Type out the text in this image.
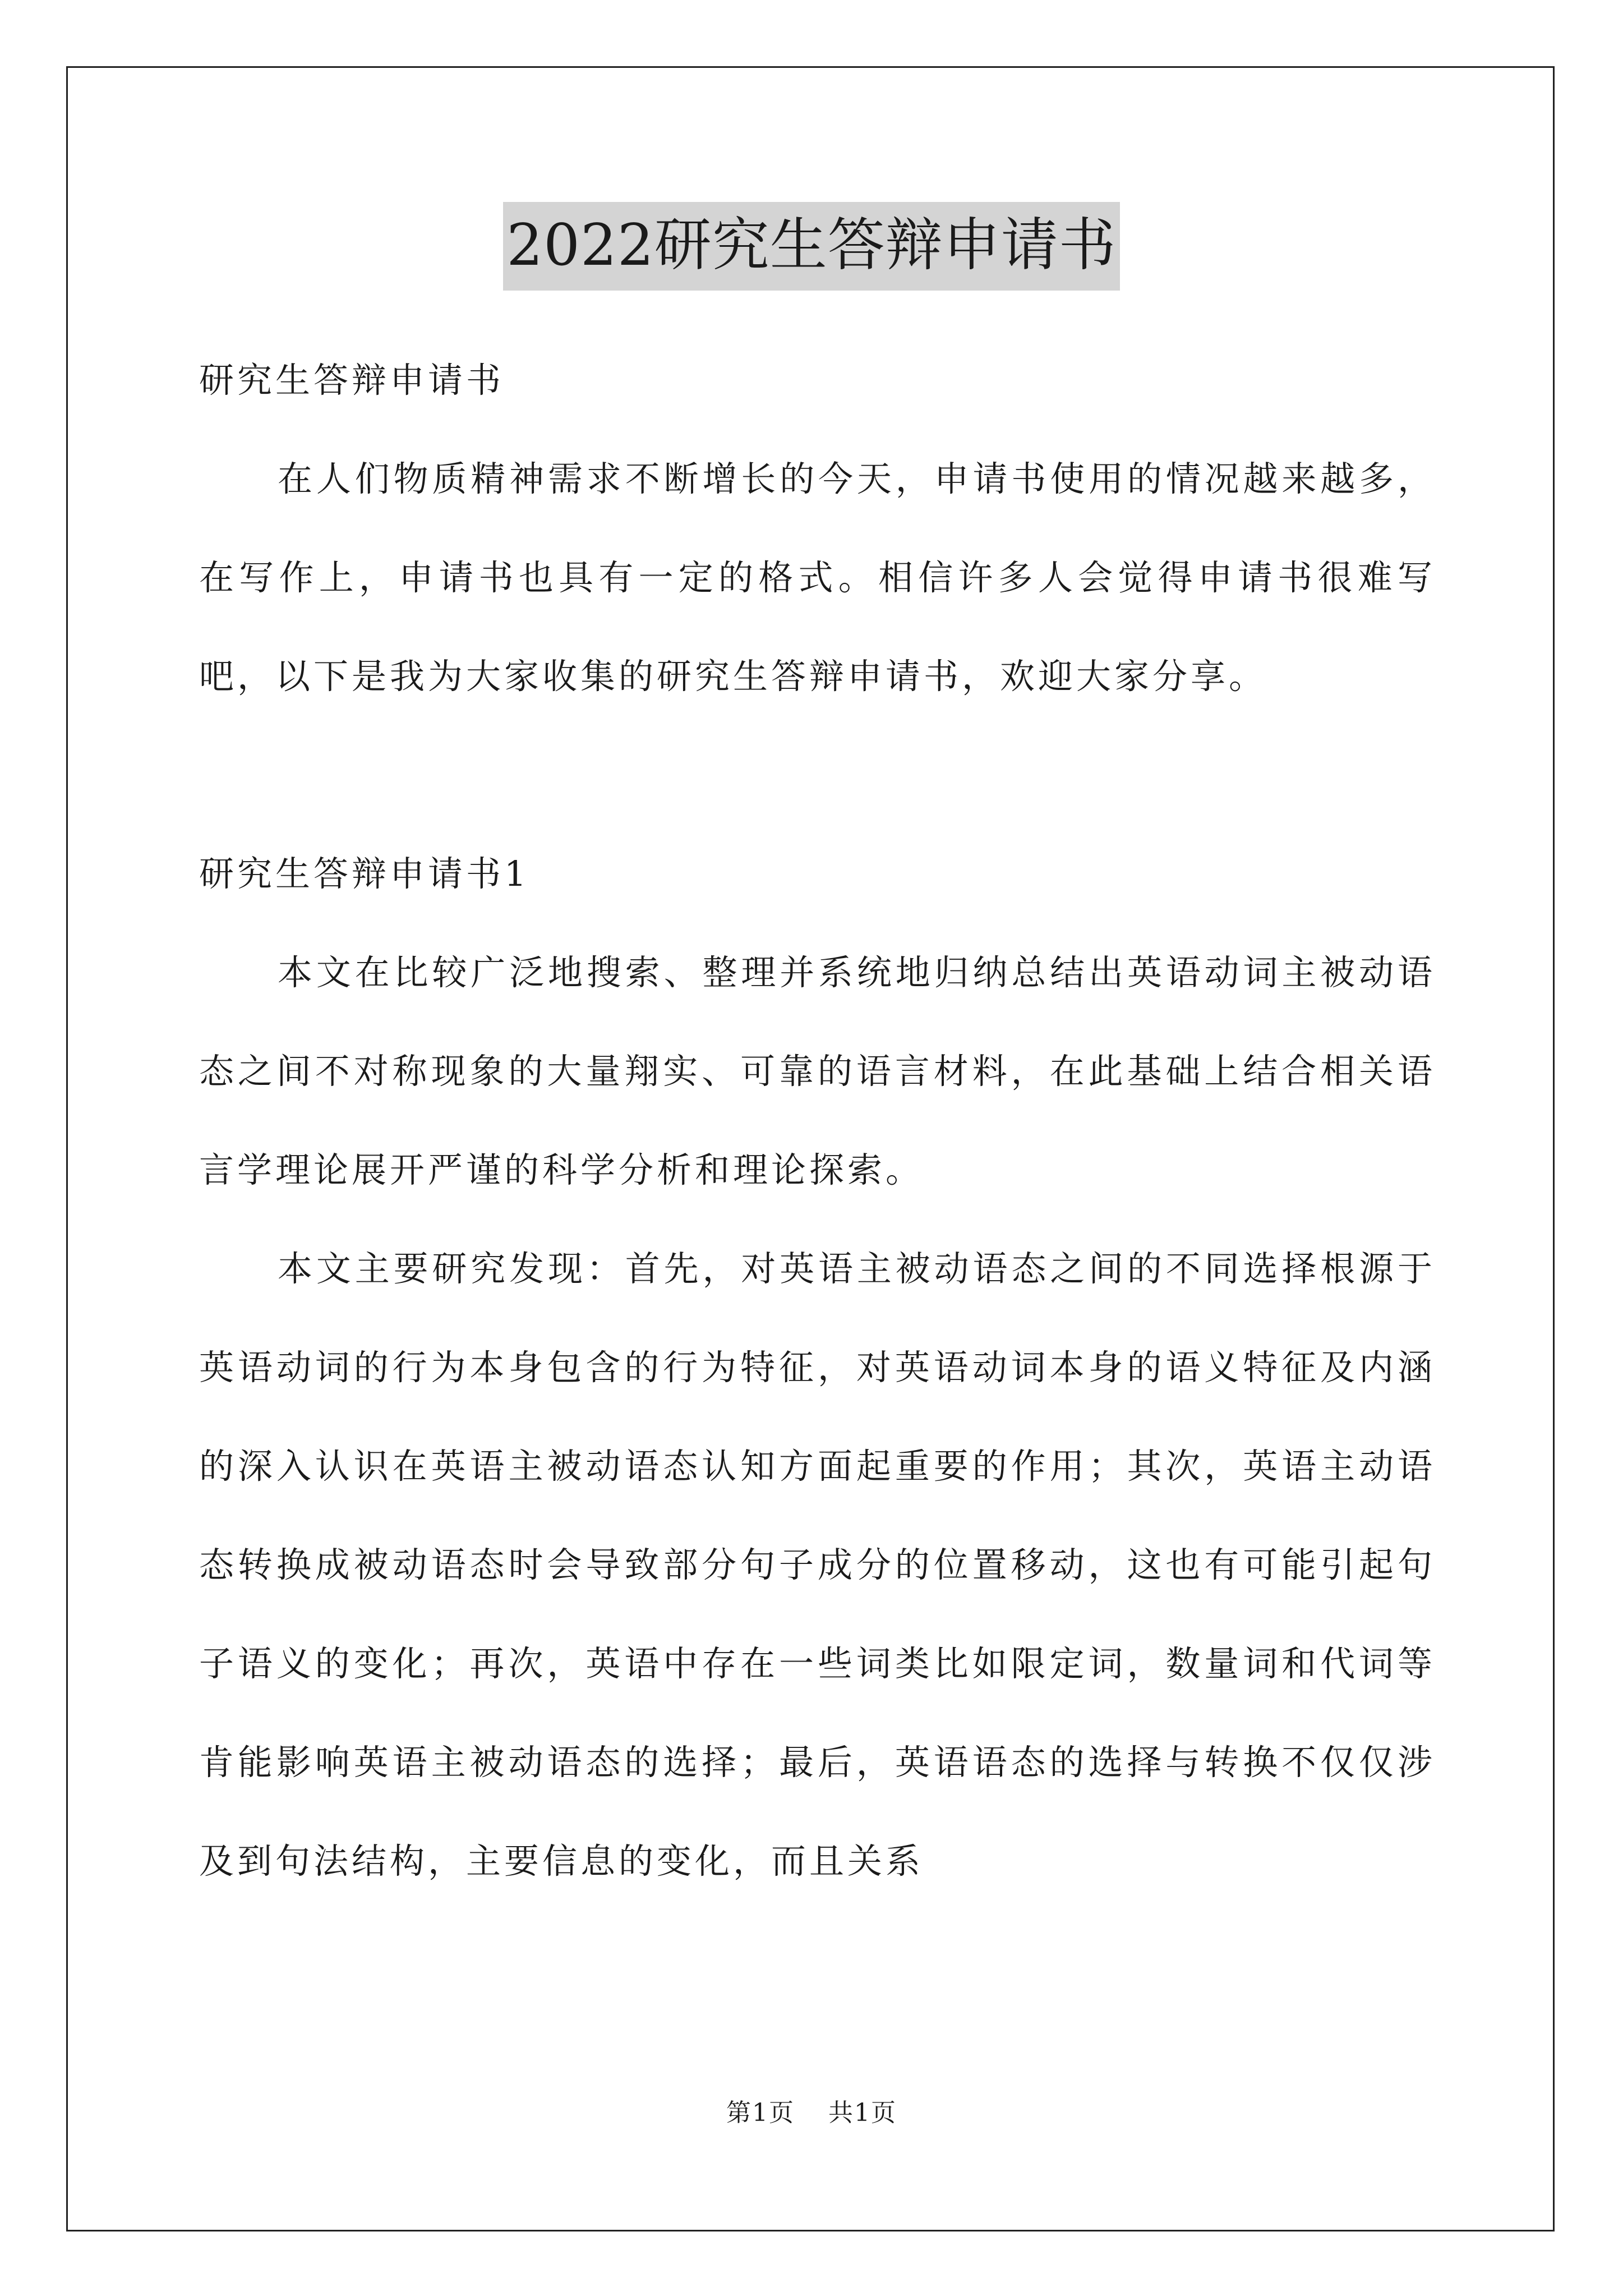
2022研究生答辩申请书

研究生答辩申请书

在人们物质精神需求不断增长的今天，申请书使用的情况越来越多，在写作上，申请书也具有一定的格式。相信许多人会觉得申请书很难写吧，以下是我为大家收集的研究生答辩申请书，欢迎大家分享。

研究生答辩申请书1

本文在比较广泛地搜索、整理并系统地归纳总结出英语动词主被动语态之间不对称现象的大量翔实、可靠的语言材料，在此基础上结合相关语言学理论展开严谨的科学分析和理论探索。

本文主要研究发现：首先，对英语主被动语态之间的不同选择根源于英语动词的行为本身包含的行为特征，对英语动词本身的语义特征及内涵的深入认识在英语主被动语态认知方面起重要的作用；其次，英语主动语态转换成被动语态时会导致部分句子成分的位置移动，这也有可能引起句子语义的变化；再次，英语中存在一些词类比如限定词，数量词和代词等肯能影响英语主被动语态的选择；最后，英语语态的选择与转换不仅仅涉及到句法结构，主要信息的变化，而且关系

第1页 共1页
